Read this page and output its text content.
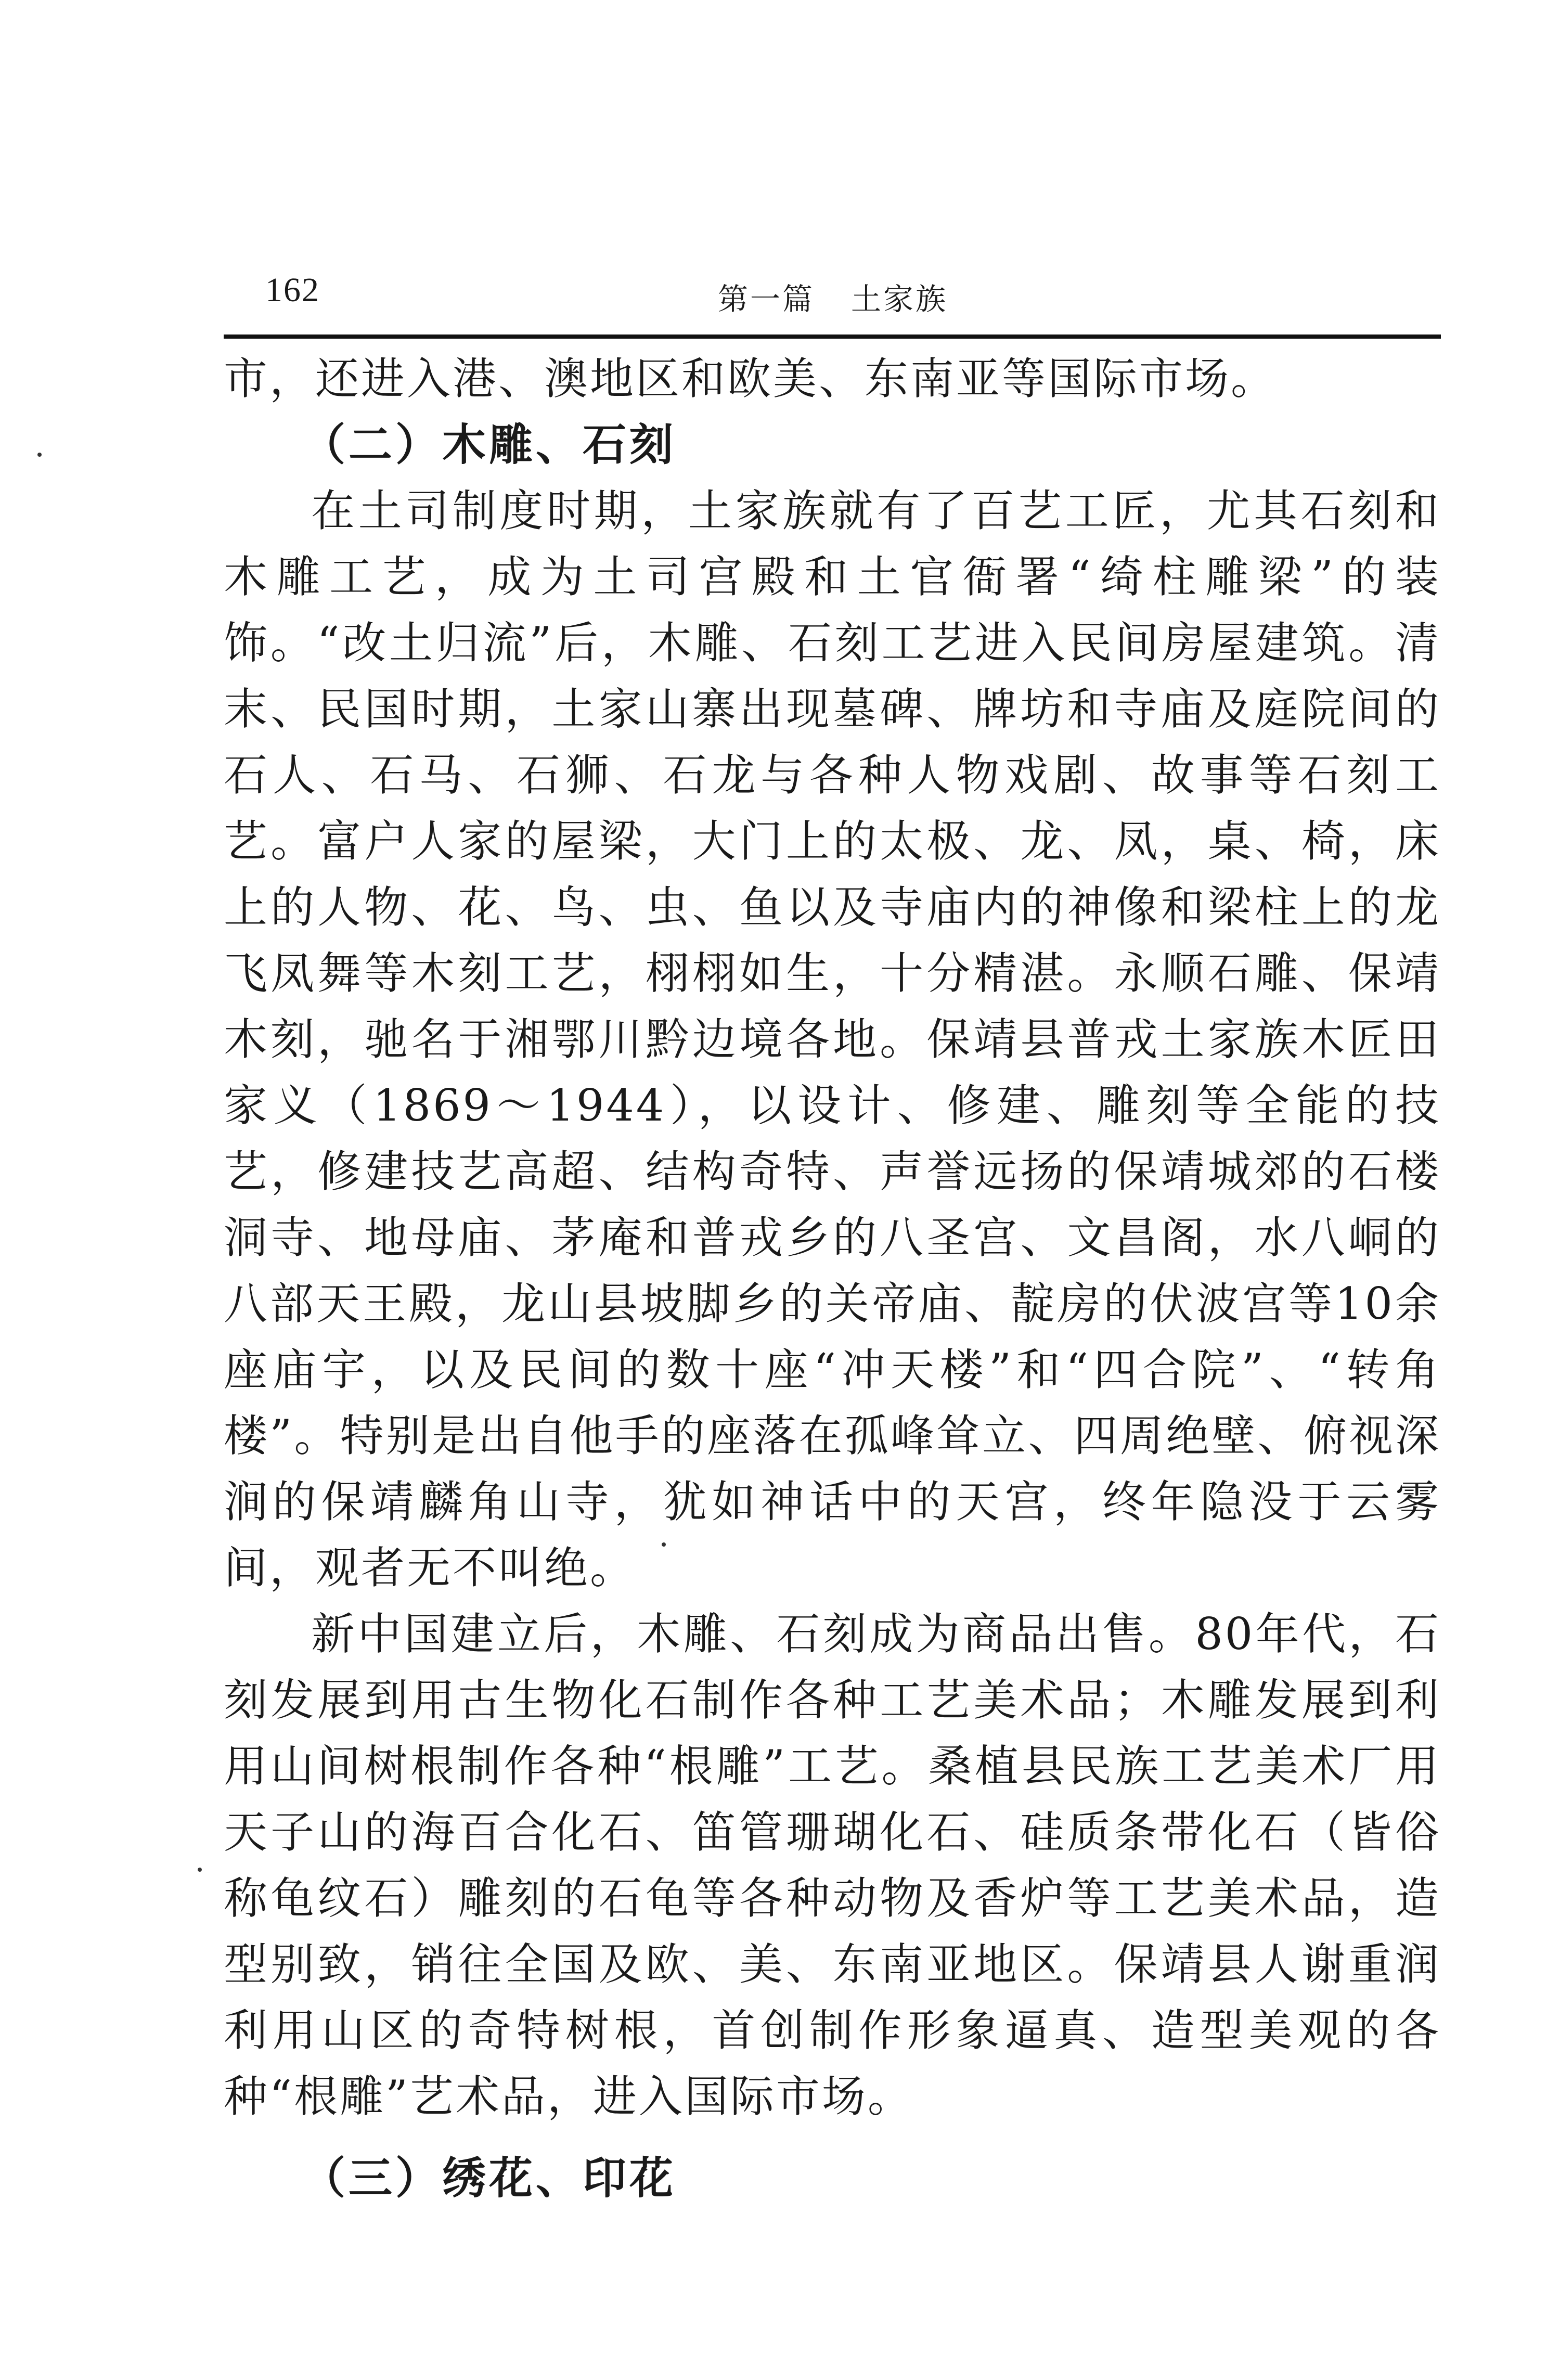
162	第一篇 土家族

市，还进入港、澳地区和欧美、东南亚等国际市场。

（二）木雕、石刻

在土司制度时期，土家族就有了百艺工匠，尤其石刻和木雕工艺，成为土司宫殿和土官衙署“绮柱雕梁”的装饰。“改土归流”后，木雕、石刻工艺进入民间房屋建筑。清末、民国时期，土家山寨出现墓碑、牌坊和寺庙及庭院间的石人、石马、石狮、石龙与各种人物戏剧、故事等石刻工艺。富户人家的屋梁，大门上的太极、龙、凤，桌、椅，床上的人物、花、鸟、虫、鱼以及寺庙内的神像和梁柱上的龙飞凤舞等木刻工艺，栩栩如生，十分精湛。永顺石雕、保靖木刻，驰名于湘鄂川黔边境各地。保靖县普戎土家族木匠田家义（1869～1944），以设计、修建、雕刻等全能的技艺，修建技艺高超、结构奇特、声誉远扬的保靖城郊的石楼洞寺、地母庙、茅庵和普戎乡的八圣宫、文昌阁，水八峒的八部天王殿，龙山县坡脚乡的关帝庙、靛房的伏波宫等10余座庙宇，以及民间的数十座“冲天楼”和“四合院”、“转角楼”。特别是出自他手的座落在孤峰耸立、四周绝壁、俯视深涧的保靖麟角山寺，犹如神话中的天宫，终年隐没于云雾间，观者无不叫绝。

新中国建立后，木雕、石刻成为商品出售。80年代，石刻发展到用古生物化石制作各种工艺美术品；木雕发展到利用山间树根制作各种“根雕”工艺。桑植县民族工艺美术厂用天子山的海百合化石、笛管珊瑚化石、硅质条带化石（皆俗称龟纹石）雕刻的石龟等各种动物及香炉等工艺美术品，造型别致，销往全国及欧、美、东南亚地区。保靖县人谢重润利用山区的奇特树根，首创制作形象逼真、造型美观的各种“根雕”艺术品，进入国际市场。

（三）绣花、印花
